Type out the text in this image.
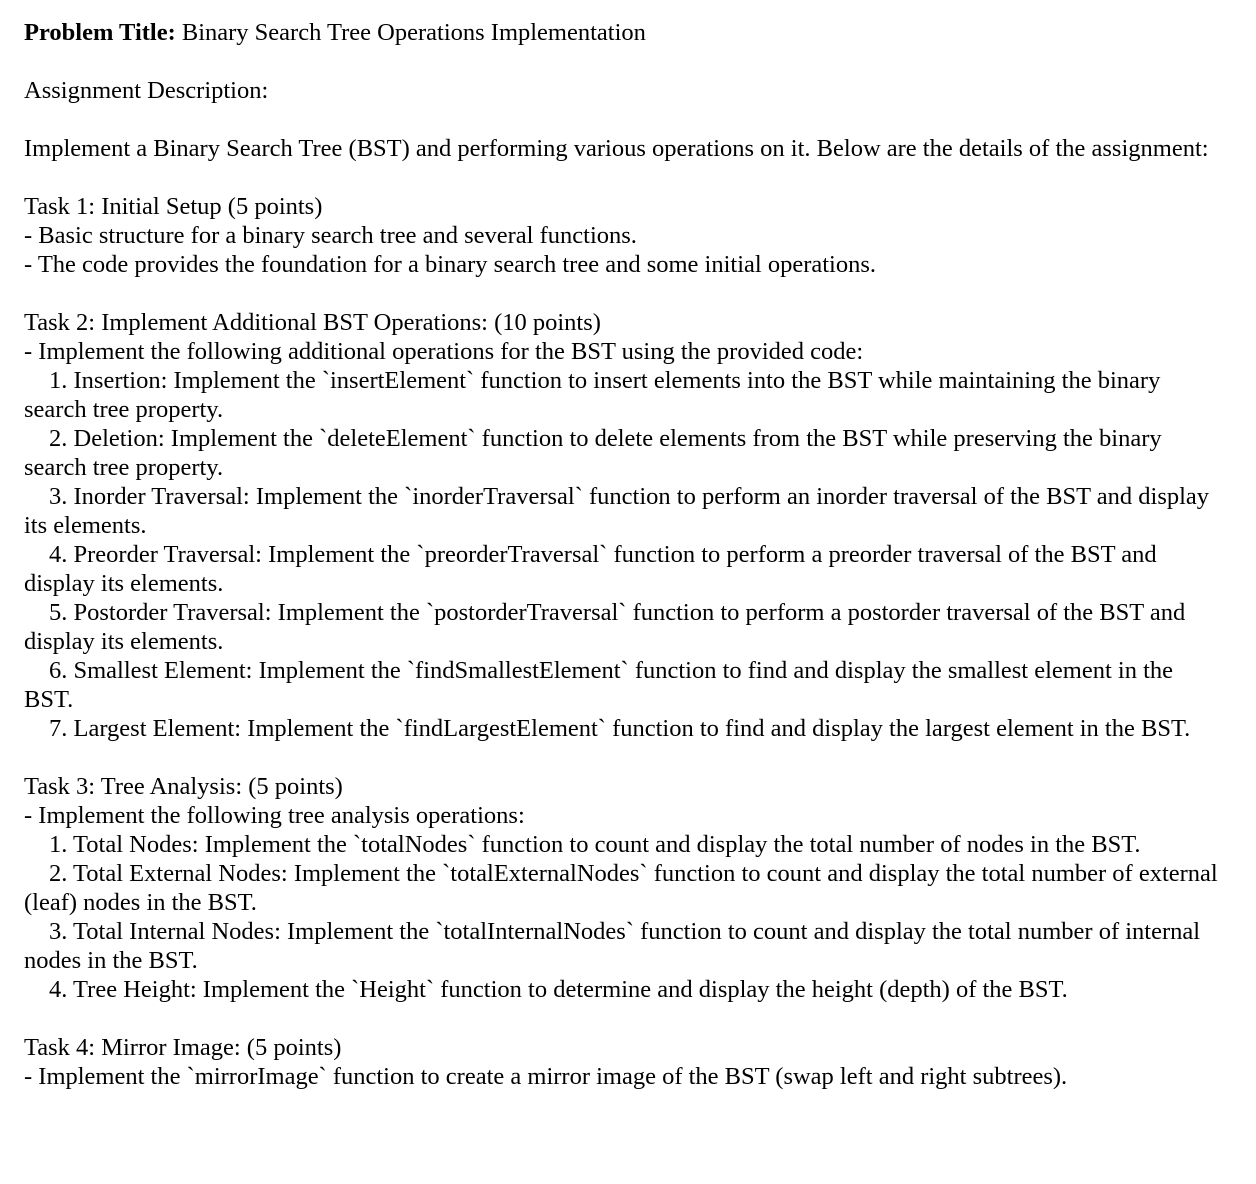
Problem Title: Binary Search Tree Operations Implementation
Assignment Description:
Implement a Binary Search Tree (BST) and performing various operations on it. Below are the details of the assignment:
Task 1: Initial Setup (5 points)
- Basic structure for a binary search tree and several functions.
- The code provides the foundation for a binary search tree and some initial operations.
Task 2: Implement Additional BST Operations: (10 points)
- Implement the following additional operations for the BST using the provided code:
1. Insertion: Implement the `insertElement` function to insert elements into the BST while maintaining the binary search tree property.
2. Deletion: Implement the `deleteElement` function to delete elements from the BST while preserving the binary search tree property.
3. Inorder Traversal: Implement the `inorderTraversal` function to perform an inorder traversal of the BST and display its elements.
4. Preorder Traversal: Implement the `preorderTraversal` function to perform a preorder traversal of the BST and display its elements.
5. Postorder Traversal: Implement the `postorderTraversal` function to perform a postorder traversal of the BST and display its elements.
6. Smallest Element: Implement the `findSmallestElement` function to find and display the smallest element in the BST.
7. Largest Element: Implement the `findLargestElement` function to find and display the largest element in the BST.
Task 3: Tree Analysis: (5 points)
- Implement the following tree analysis operations:
1. Total Nodes: Implement the `totalNodes` function to count and display the total number of nodes in the BST.
2. Total External Nodes: Implement the `totalExternalNodes` function to count and display the total number of external (leaf) nodes in the BST.
3. Total Internal Nodes: Implement the `totalInternalNodes` function to count and display the total number of internal nodes in the BST.
4. Tree Height: Implement the `Height` function to determine and display the height (depth) of the BST.
Task 4: Mirror Image: (5 points)
- Implement the `mirrorImage` function to create a mirror image of the BST (swap left and right subtrees).
